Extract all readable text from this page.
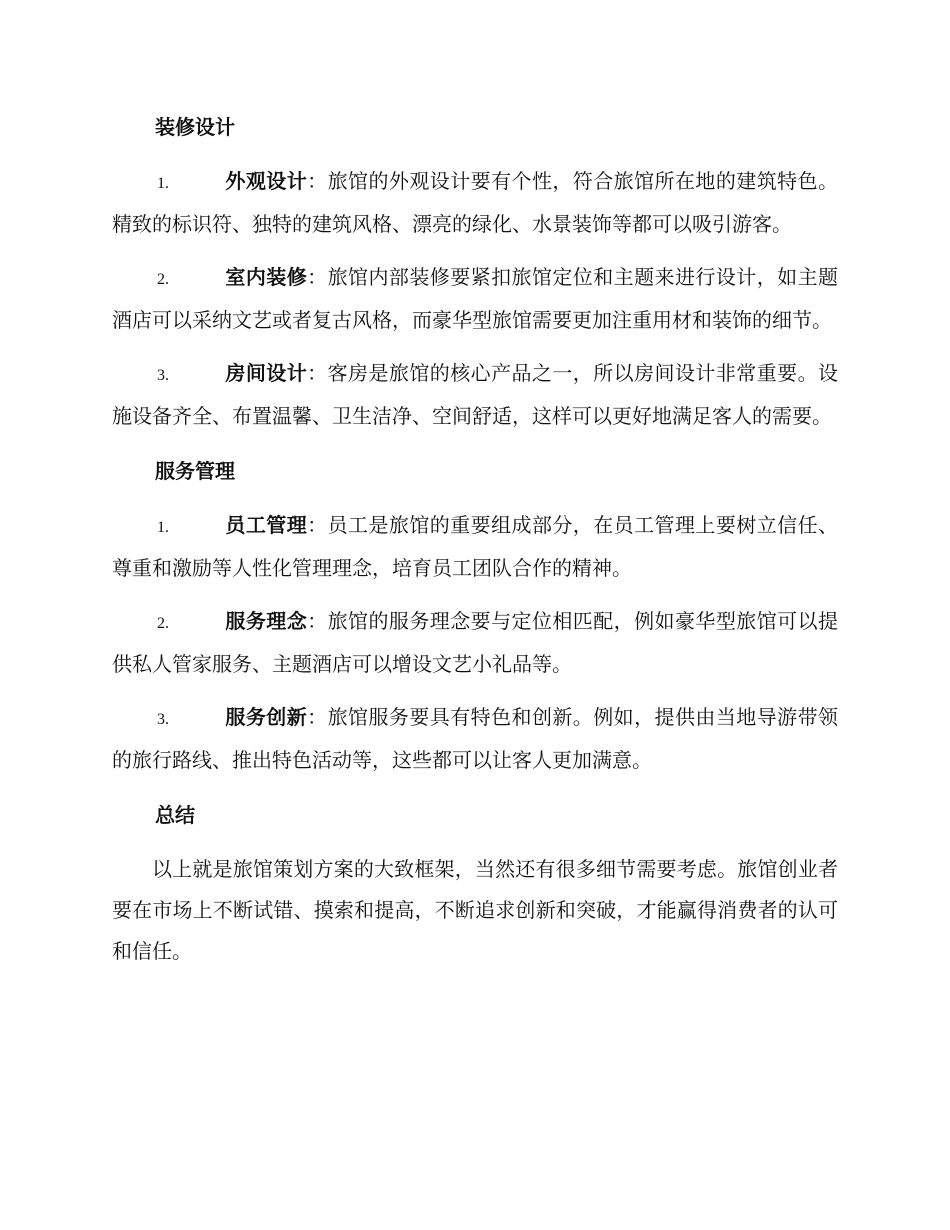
装修设计
1.	外观设计：旅馆的外观设计要有个性，符合旅馆所在地的建筑特色。精致的标识符、独特的建筑风格、漂亮的绿化、水景装饰等都可以吸引游客。
2.	室内装修：旅馆内部装修要紧扣旅馆定位和主题来进行设计，如主题酒店可以采纳文艺或者复古风格，而豪华型旅馆需要更加注重用材和装饰的细节。
3.	房间设计：客房是旅馆的核心产品之一，所以房间设计非常重要。设施设备齐全、布置温馨、卫生洁净、空间舒适，这样可以更好地满足客人的需要。
服务管理
1.	员工管理：员工是旅馆的重要组成部分，在员工管理上要树立信任、尊重和激励等人性化管理理念，培育员工团队合作的精神。
2.	服务理念：旅馆的服务理念要与定位相匹配，例如豪华型旅馆可以提供私人管家服务、主题酒店可以增设文艺小礼品等。
3.	服务创新：旅馆服务要具有特色和创新。例如，提供由当地导游带领的旅行路线、推出特色活动等，这些都可以让客人更加满意。
总结

以上就是旅馆策划方案的大致框架，当然还有很多细节需要考虑。旅馆创业者要在市场上不断试错、摸索和提高，不断追求创新和突破，才能赢得消费者的认可和信任。
